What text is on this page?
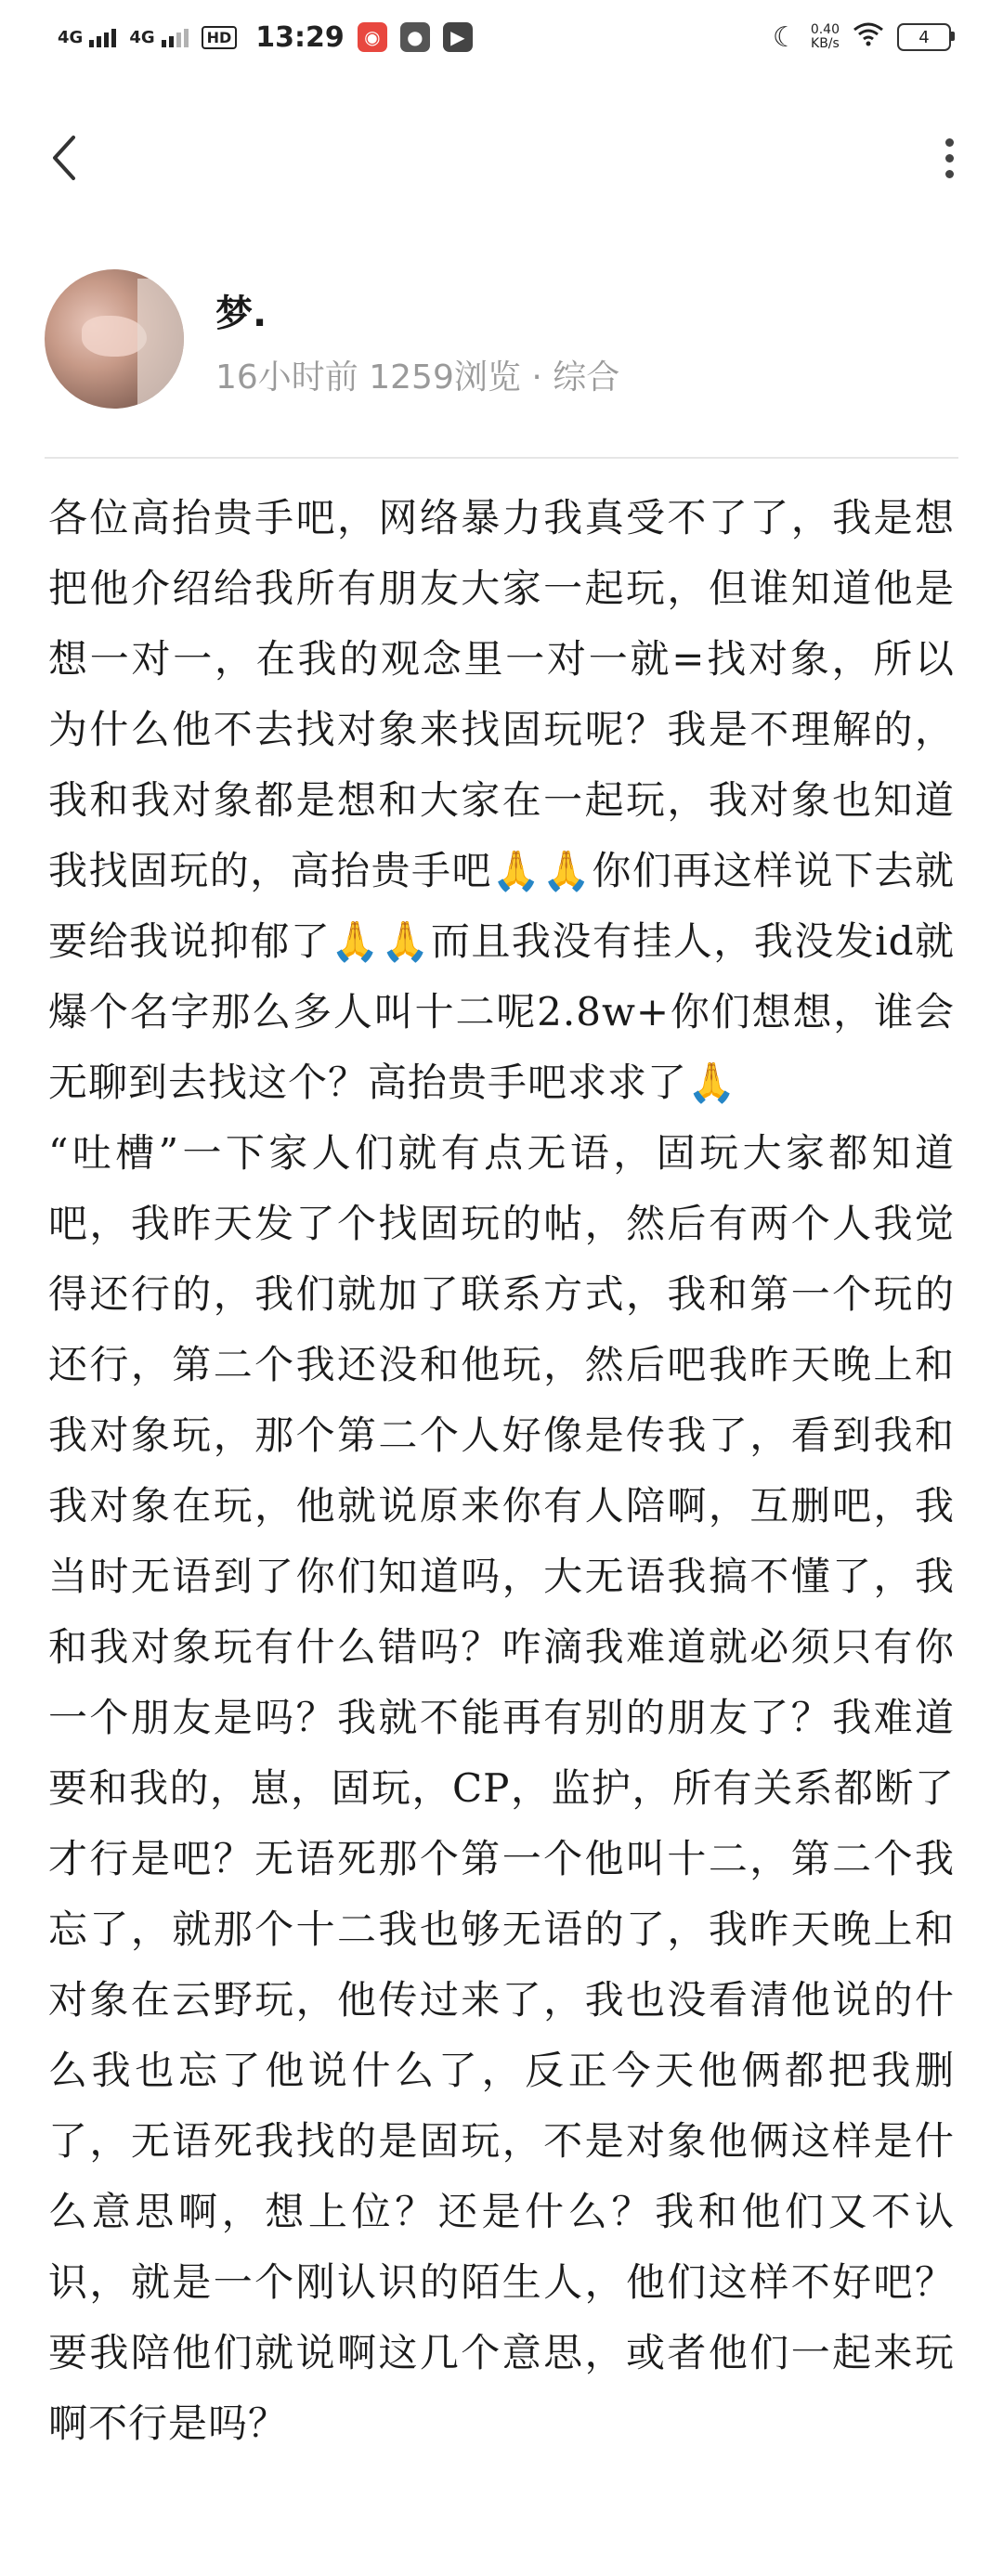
4G	4G	HD 13:29	◉	●	▶	☾ 0.40
KB/s	4
梦.
16小时前 1259浏览 · 综合

各位高抬贵手吧，网络暴力我真受不了了，我是想把他介绍给我所有朋友大家一起玩，但谁知道他是想一对一，在我的观念里一对一就=找对象，所以为什么他不去找对象来找固玩呢？我是不理解的，我和我对象都是想和大家在一起玩，我对象也知道我找固玩的，高抬贵手吧🙏🙏你们再这样说下去就要给我说抑郁了🙏🙏而且我没有挂人，我没发id就爆个名字那么多人叫十二呢2.8w+你们想想，谁会无聊到去找这个？高抬贵手吧求求了🙏

“吐槽”一下家人们就有点无语，固玩大家都知道吧，我昨天发了个找固玩的帖，然后有两个人我觉得还行的，我们就加了联系方式，我和第一个玩的还行，第二个我还没和他玩，然后吧我昨天晚上和我对象玩，那个第二个人好像是传我了，看到我和我对象在玩，他就说原来你有人陪啊，互删吧，我当时无语到了你们知道吗，大无语我搞不懂了，我和我对象玩有什么错吗？咋滴我难道就必须只有你一个朋友是吗？我就不能再有别的朋友了？我难道要和我的，崽，固玩，CP，监护，所有关系都断了才行是吧？无语死那个第一个他叫十二，第二个我忘了，就那个十二我也够无语的了，我昨天晚上和对象在云野玩，他传过来了，我也没看清他说的什么我也忘了他说什么了，反正今天他俩都把我删了，无语死我找的是固玩，不是对象他俩这样是什么意思啊，想上位？还是什么？我和他们又不认识，就是一个刚认识的陌生人，他们这样不好吧？要我陪他们就说啊这几个意思，或者他们一起来玩啊不行是吗？
